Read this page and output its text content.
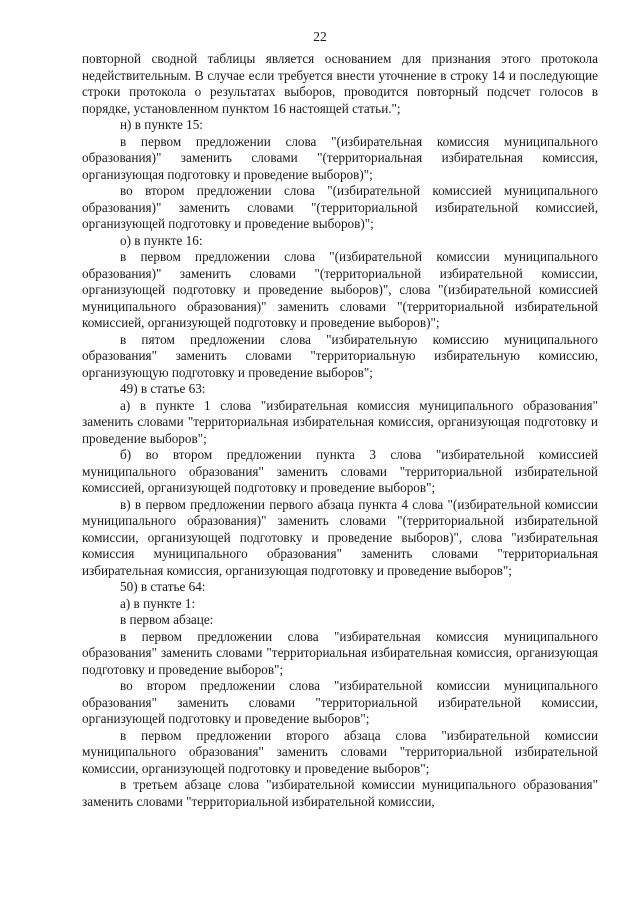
22

повторной сводной таблицы является основанием для признания этого протокола недействительным. В случае если требуется внести уточнение в строку 14 и последующие строки протокола о результатах выборов, проводится повторный подсчет голосов в порядке, установленном пунктом 16 настоящей статьи.";

н) в пункте 15:

в первом предложении слова "(избирательная комиссия муниципального образования)" заменить словами "(территориальная избирательная комиссия, организующая подготовку и проведение выборов)";

во втором предложении слова "(избирательной комиссией муниципального образования)" заменить словами "(территориальной избирательной комиссией, организующей подготовку и проведение выборов)";

о) в пункте 16:

в первом предложении слова "(избирательной комиссии муниципального образования)" заменить словами "(территориальной избирательной комиссии, организующей подготовку и проведение выборов)", слова "(избирательной комиссией муниципального образования)" заменить словами "(территориальной избирательной комиссией, организующей подготовку и проведение выборов)";

в пятом предложении слова "избирательную комиссию муниципального образования" заменить словами "территориальную избирательную комиссию, организующую подготовку и проведение выборов";

49) в статье 63:

а) в пункте 1 слова "избирательная комиссия муниципального образования" заменить словами "территориальная избирательная комиссия, организующая подготовку и проведение выборов";

б) во втором предложении пункта 3 слова "избирательной комиссией муниципального образования" заменить словами "территориальной избирательной комиссией, организующей подготовку и проведение выборов";

в) в первом предложении первого абзаца пункта 4 слова "(избирательной комиссии муниципального образования)" заменить словами "(территориальной избирательной комиссии, организующей подготовку и проведение выборов)", слова "избирательная комиссия муниципального образования" заменить словами "территориальная избирательная комиссия, организующая подготовку и проведение выборов";

50) в статье 64:

а) в пункте 1:

в первом абзаце:

в первом предложении слова "избирательная комиссия муниципального образования" заменить словами "территориальная избирательная комиссия, организующая подготовку и проведение выборов";

во втором предложении слова "избирательной комиссии муниципального образования" заменить словами "территориальной избирательной комиссии, организующей подготовку и проведение выборов";

в первом предложении второго абзаца слова "избирательной комиссии муниципального образования" заменить словами "территориальной избирательной комиссии, организующей подготовку и проведение выборов";

в третьем абзаце слова "избирательной комиссии муниципального образования" заменить словами "территориальной избирательной комиссии,
